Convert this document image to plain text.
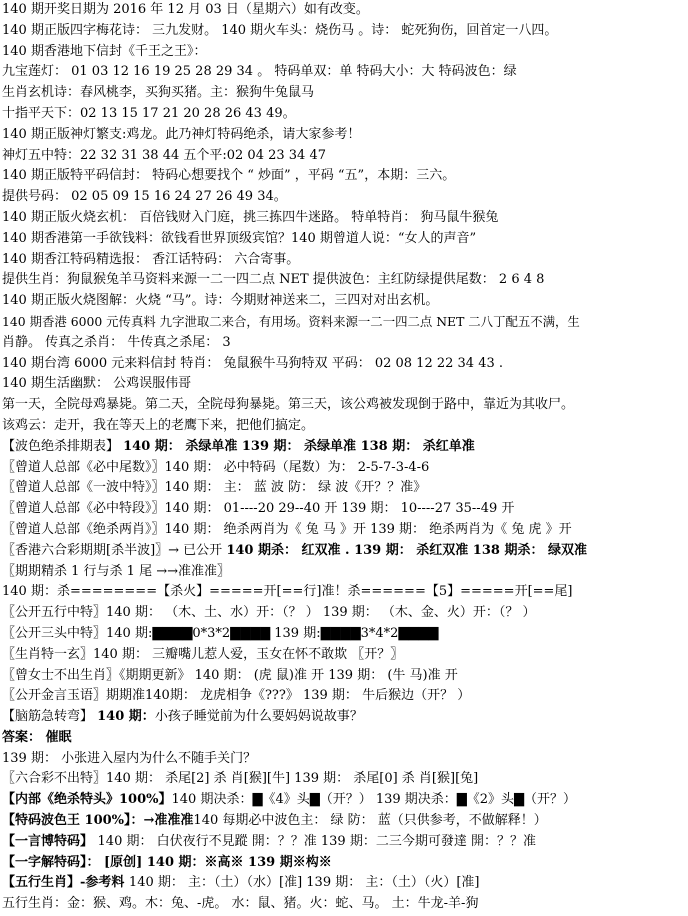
140 期开奖日期为 2016 年 12 月 03 日（星期六）如有改变。
140 期正版四字梅花诗： 三九发财。 140 期火车头：烧伤马 。诗： 蛇死狗伤，回首定一八四。
140 期香港地下信封《千王之王》：
九宝莲灯： 01 03 12 16 19 25 28 29 34 。 特码单双：单 特码大小：大 特码波色：绿
生肖玄机诗：春风桃李，买狗买猪。主：猴狗牛兔鼠马
十指平天下：02 13 15 17 21 20 28 26 43 49。
140 期正版神灯繁支:鸡龙。此乃神灯特码绝杀，请大家参考！
神灯五中特：22 32 31 38 44 五个平:02 04 23 34 47
140 期正版特平码信封： 特码心想要找个 “ 炒面” ，平码 “五”，本期：三六。
提供号码： 02 05 09 15 16 24 27 26 49 34。
140 期正版火烧玄机： 百倍钱财入门庭，挑三拣四牛迷路。 特单特肖： 狗马鼠牛猴兔
140 期香港第一手欲钱料：欲钱看世界顶级宾馆？140 期曾道人说：“女人的声音”
140 期香江特码精选报： 香江话特码： 六合寄事。
提供生肖：狗鼠猴兔羊马资料来源一二一四二点 NET 提供波色：主红防绿提供尾数： 2 6 4 8
140 期正版火烧图解：火烧 “马”。诗：今期财神送来二，三四对对出玄机。
140 期香港 6000 元传真料 九字泄取二来合，有用场。资料来源一二一四二点 NET 二八丁配五不满，生
肖静。 传真之杀肖： 牛传真之杀尾： 3
140 期台湾 6000 元来料信封 特肖： 兔鼠猴牛马狗特双 平码： 02 08 12 22 34 43 .
140 期生活幽默： 公鸡误服伟哥
第一天，全院母鸡暴毙。第二天，全院母狗暴毙。第三天，该公鸡被发现倒于路中，靠近为其收尸。
该鸡云：走开，我在等天上的老鹰下来，把他们搞定。
【波色绝杀排期表】 140 期： 杀绿单准 139 期： 杀绿单准 138 期： 杀红单准
〖曾道人总部《必中尾数》〗140 期： 必中特码（尾数）为： 2-5-7-3-4-6
〖曾道人总部《一波中特》〗140 期： 主： 蓝 波 防： 绿 波《开？？准》
〖曾道人总部《必中特段》〗140 期： 01----20 29--40 开 139 期： 10----27 35--49 开
〖曾道人总部《绝杀两肖》〗140 期： 绝杀两肖为《 兔 马 》开 139 期： 绝杀两肖为《 兔 虎 》开
〖香港六合彩期期[杀半波]〗→ 已公开 140 期杀： 红双准 . 139 期： 杀红双准 138 期杀： 绿双准
〖期期精杀 1 行与杀 1 尾 →→准准准〗
140 期：杀========【杀火】=====开[==行]准！杀======【5】=====开[==尾]
〖公开五行中特〗140 期： （木、土、水）开：（？ ） 139 期： （木、金、火）开：（？ ）
〖公开三头中特〗140 期:▇▇▇▇0*3*2▇▇▇▇ 139 期:▇▇▇▇3*4*2▇▇▇▇
〖生肖特一玄〗140 期： 三瓣嘴儿惹人爱，玉女在怀不敢欺 〖开？〗
〖曾女士不出生肖〗《期期更新》 140 期： (虎 鼠)准 开 139 期： (牛 马)准 开
〖公开金言玉语〗期期准140期： 龙虎相争《???》 139 期： 牛后猴边（开？ ）
【脑筋急转弯】 140 期：小孩子睡觉前为什么要妈妈说故事？
答案： 催眠
139 期： 小张进入屋内为什么不随手关门？
〖六合彩不出特〗140 期： 杀尾[2] 杀 肖[猴][牛] 139 期： 杀尾[0] 杀 肖[猴][兔]
【内部《绝杀特头》100%】140 期决杀：▇《4》头▇（开？） 139 期决杀：▇《2》头▇（开？）
【特码波色王 100%】：→准准准140 每期必中波色主： 绿 防： 蓝（只供参考，不做解释！）
【一言博特码】 140 期： 白伏夜行不見蹤 開：？？准 139 期：二三今期可發達 開：？？准
【一字解特码】： [原创] 140 期：※高※ 139 期※构※
【五行生肖】-参考料 140 期： 主：（土）（水）[准] 139 期： 主：（土）（火）[准]
五行生肖：金：猴、鸡。木：兔、-虎。 水：鼠、猪。火：蛇、马。 土：牛龙-羊-狗
